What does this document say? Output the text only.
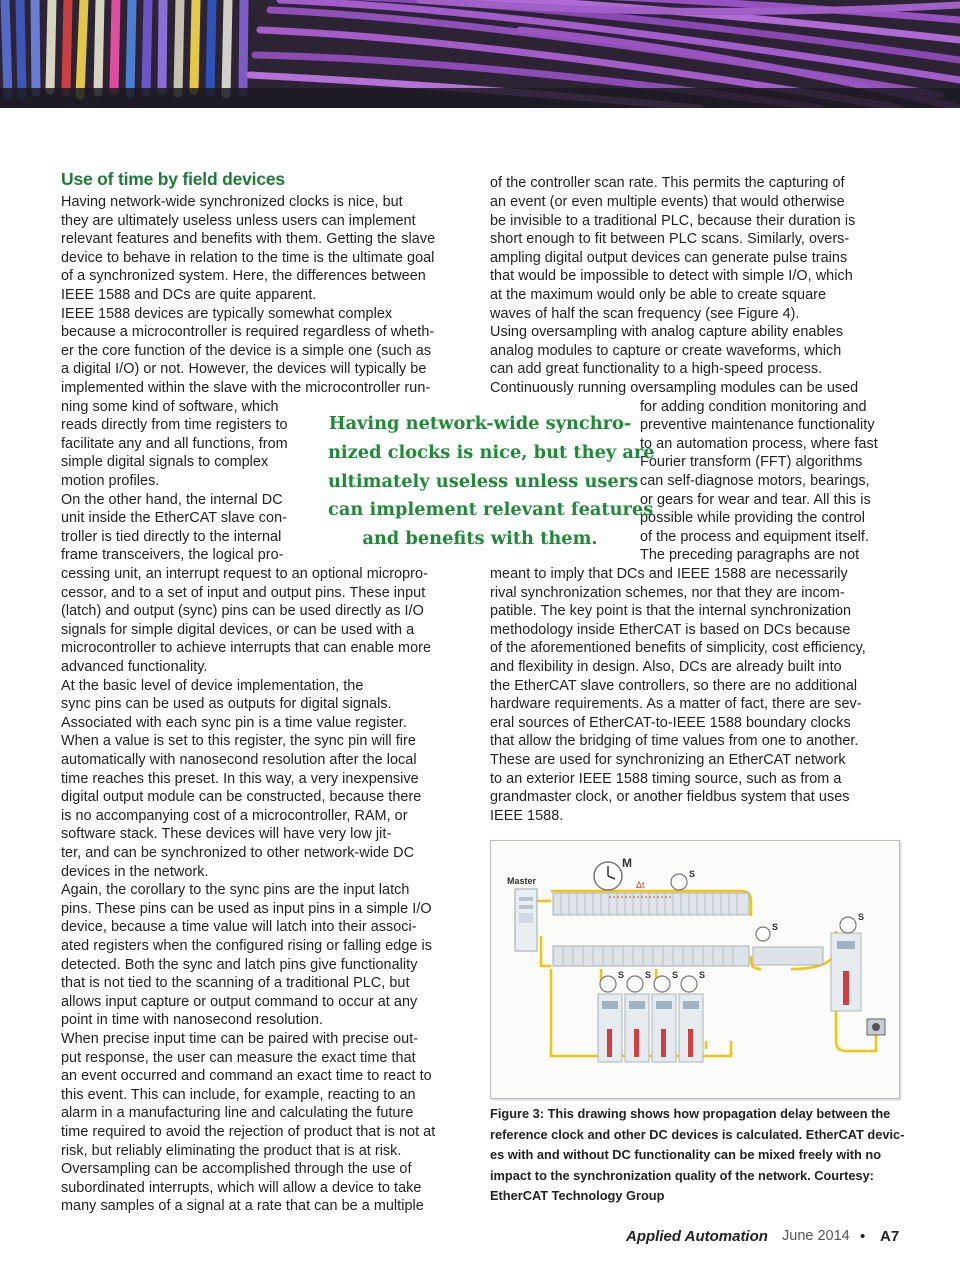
Use of time by field devices
Having network-wide synchronized clocks is nice, but
they are ultimately useless unless users can implement
relevant features and benefits with them. Getting the slave
device to behave in relation to the time is the ultimate goal
of a synchronized system. Here, the differences between
IEEE 1588 and DCs are quite apparent.
IEEE 1588 devices are typically somewhat complex
because a microcontroller is required regardless of wheth-
er the core function of the device is a simple one (such as
a digital I/O) or not. However, the devices will typically be
implemented within the slave with the microcontroller run-
ning some kind of software, which
reads directly from time registers to
facilitate any and all functions, from
simple digital signals to complex
motion profiles.
On the other hand, the internal DC
unit inside the EtherCAT slave con-
troller is tied directly to the internal
frame transceivers, the logical pro-
cessing unit, an interrupt request to an optional micropro-
cessor, and to a set of input and output pins. These input
(latch) and output (sync) pins can be used directly as I/O
signals for simple digital devices, or can be used with a
microcontroller to achieve interrupts that can enable more
advanced functionality.
At the basic level of device implementation, the
sync pins can be used as outputs for digital signals.
Associated with each sync pin is a time value register.
When a value is set to this register, the sync pin will fire
automatically with nanosecond resolution after the local
time reaches this preset. In this way, a very inexpensive
digital output module can be constructed, because there
is no accompanying cost of a microcontroller, RAM, or
software stack. These devices will have very low jit-
ter, and can be synchronized to other network-wide DC
devices in the network.
Again, the corollary to the sync pins are the input latch
pins. These pins can be used as input pins in a simple I/O
device, because a time value will latch into their associ-
ated registers when the configured rising or falling edge is
detected. Both the sync and latch pins give functionality
that is not tied to the scanning of a traditional PLC, but
allows input capture or output command to occur at any
point in time with nanosecond resolution.
When precise input time can be paired with precise out-
put response, the user can measure the exact time that
an event occurred and command an exact time to react to
this event. This can include, for example, reacting to an
alarm in a manufacturing line and calculating the future
time required to avoid the rejection of product that is not at
risk, but reliably eliminating the product that is at risk.
Oversampling can be accomplished through the use of
subordinated interrupts, which will allow a device to take
many samples of a signal at a rate that can be a multiple
of the controller scan rate. This permits the capturing of
an event (or even multiple events) that would otherwise
be invisible to a traditional PLC, because their duration is
short enough to fit between PLC scans. Similarly, overs-
ampling digital output devices can generate pulse trains
that would be impossible to detect with simple I/O, which
at the maximum would only be able to create square
waves of half the scan frequency (see Figure 4).
Using oversampling with analog capture ability enables
analog modules to capture or create waveforms, which
can add great functionality to a high-speed process.
Continuously running oversampling modules can be used
for adding condition monitoring and
preventive maintenance functionality
to an automation process, where fast
Fourier transform (FFT) algorithms
can self-diagnose motors, bearings,
or gears for wear and tear. All this is
possible while providing the control
of the process and equipment itself.
The preceding paragraphs are not
meant to imply that DCs and IEEE 1588 are necessarily
rival synchronization schemes, nor that they are incom-
patible. The key point is that the internal synchronization
methodology inside EtherCAT is based on DCs because
of the aforementioned benefits of simplicity, cost efficiency,
and flexibility in design. Also, DCs are already built into
the EtherCAT slave controllers, so there are no additional
hardware requirements. As a matter of fact, there are sev-
eral sources of EtherCAT-to-IEEE 1588 boundary clocks
that allow the bridging of time values from one to another.
These are used for synchronizing an EtherCAT network
to an exterior IEEE 1588 timing source, such as from a
grandmaster clock, or another fieldbus system that uses
IEEE 1588.
Having network-wide synchro-
nized clocks is nice, but they are
ultimately useless unless users
can implement relevant features
and benefits with them.
Master
M
Δt
S
S
S
S S S S
Figure 3: This drawing shows how propagation delay between the
reference clock and other DC devices is calculated. EtherCAT devic-
es with and without DC functionality can be mixed freely with no
impact to the synchronization quality of the network. Courtesy:
EtherCAT Technology Group
Applied Automation June 2014 • A7
